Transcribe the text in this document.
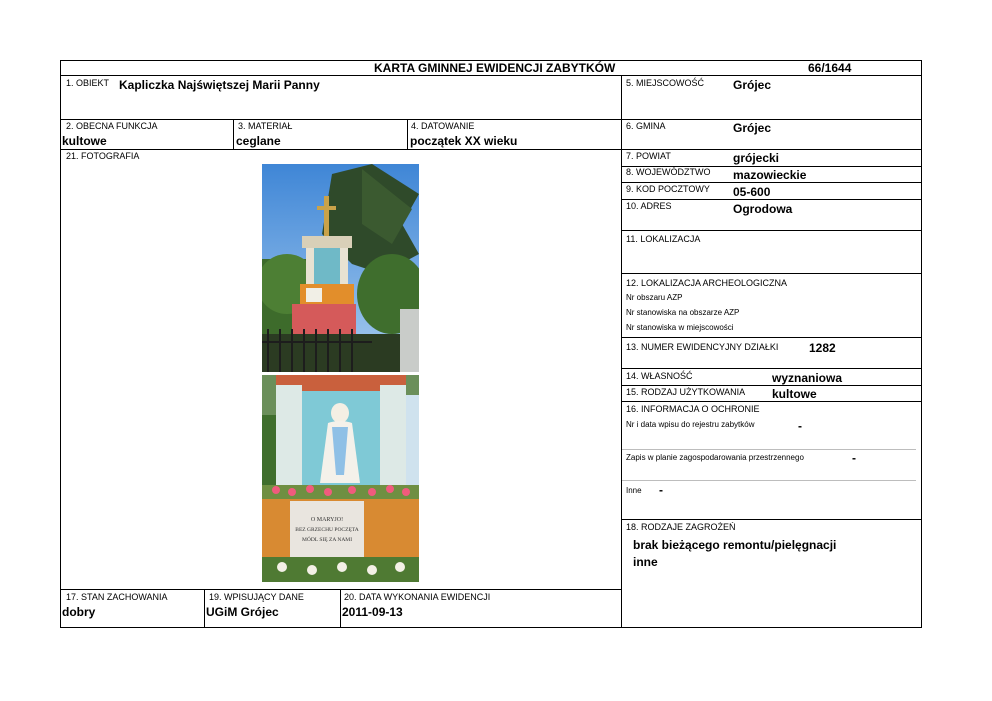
KARTA GMINNEJ EWIDENCJI ZABYTKÓW	66/1644
1. OBIEKT Kapliczka Najświętszej Marii Panny
2. OBECNA FUNKCJA
kultowe
3. MATERIAŁ
ceglane
4. DATOWANIE
początek XX wieku
21. FOTOGRAFIA
O MARYJO!
BEZ GRZECHU POCZĘTA
MÓDL SIĘ ZA NAMI
17. STAN ZACHOWANIA
dobry
19. WPISUJĄCY DANE
UGiM Grójec
20. DATA WYKONANIA EWIDENCJI
2011-09-13
5. MIEJSCOWOŚĆ Grójec
6. GMINA	Grójec
7. POWIAT	grójecki
8. WOJEWÓDZTWO mazowieckie
9. KOD POCZTOWY 05-600
10. ADRES	Ogrodowa
11. LOKALIZACJA
12. LOKALIZACJA ARCHEOLOGICZNA
Nr obszaru AZP
Nr stanowiska na obszarze AZP
Nr stanowiska w miejscowości
13. NUMER EWIDENCYJNY DZIAŁKI	1282
14. WŁASNOŚĆ	wyznaniowa
15. RODZAJ UŻYTKOWANIA kultowe
16. INFORMACJA O OCHRONIE
Nr i data wpisu do rejestru zabytków	-
Zapis w planie zagospodarowania przestrzennego	-
Inne -
18. RODZAJE ZAGROŻEŃ
brak bieżącego remontu/pielęgnacji
inne
